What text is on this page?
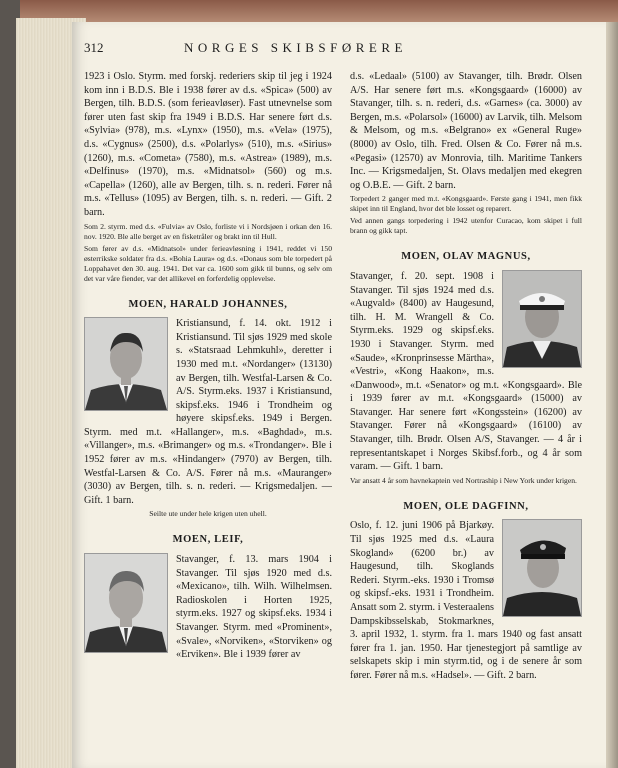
312	NORGES SKIBSFØRERE

1923 i Oslo. Styrm. med forskj. rederiers skip til jeg i 1924 kom inn i B.D.S. Ble i 1938 fører av d.s. «Spica» (500) av Bergen, tilh. B.D.S. (som ferieavløser). Fast utnevnelse som fører uten fast skip fra 1949 i B.D.S. Har senere ført d.s. «Sylvia» (978), m.s. «Lynx» (1950), m.s. «Vela» (1975), d.s. «Cygnus» (2500), d.s. «Polarlys» (510), m.s. «Sirius» (1260), m.s. «Cometa» (7580), m.s. «Astrea» (1989), m.s. «Delfinus» (1970), m.s. «Midnatsol» (560) og m.s. «Capella» (1260), alle av Bergen, tilh. s. n. rederi. Fører nå m.s. «Tellus» (1095) av Bergen, tilh. s. n. rederi. — Gift. 2 barn.

Som 2. styrm. med d.s. «Fulvia» av Oslo, forliste vi i Nordsjøen i orkan den 16. nov. 1920. Ble alle berget av en fisketråler og brakt inn til Hull.

Som fører av d.s. «Midnatsol» under ferieavløsning i 1941, reddet vi 150 østerrikske soldater fra d.s. «Bohia Laura» og d.s. «Donaus som ble torpedert på Loppahavet den 30. aug. 1941. Det var ca. 1600 som gikk til bunns, og selv om det var våre fiender, var det allikevel en forferdelig opplevelse.

MOEN, HARALD JOHANNES,

Kristiansund, f. 14. okt. 1912 i Kristiansund. Til sjøs 1929 med skole s. «Statsraad Lehmkuhl», deretter i 1930 med m.t. «Nordanger» (13130) av Bergen, tilh. Westfal-Larsen & Co. A/S. Styrm.eks. 1937 i Kristiansund, skipsf.eks. 1946 i Trondheim og høyere skipsf.eks. 1949 i Bergen. Styrm. med m.t. «Hallanger», m.s. «Baghdad», m.s. «Villanger», m.s. «Brimanger» og m.s. «Trondanger». Ble i 1952 fører av m.s. «Hindanger» (7970) av Bergen, tilh. Westfal-Larsen & Co. A/S. Fører nå m.s. «Mauranger» (3030) av Bergen, tilh. s. n. rederi. — Krigsmedaljen. — Gift. 1 barn.

Seilte ute under hele krigen uten uhell.

MOEN, LEIF,

Stavanger, f. 13. mars 1904 i Stavanger. Til sjøs 1920 med d.s. «Mexicano», tilh. Wilh. Wilhelmsen. Radioskolen i Horten 1925, styrm.eks. 1927 og skipsf.eks. 1934 i Stavanger. Styrm. med «Prominent», «Svale», «Norviken», «Storviken» og «Erviken». Ble i 1939 fører av

d.s. «Ledaal» (5100) av Stavanger, tilh. Brødr. Olsen A/S. Har senere ført m.s. «Kongsgaard» (16000) av Stavanger, tilh. s. n. rederi, d.s. «Garnes» (ca. 3000) av Bergen, m.s. «Polarsol» (16000) av Larvik, tilh. Melsom & Melsom, og m.s. «Belgrano» ex «General Ruge» (8000) av Oslo, tilh. Fred. Olsen & Co. Fører nå m.s. «Pegasi» (12570) av Monrovia, tilh. Maritime Tankers Inc. — Krigsmedaljen, St. Olavs medaljen med ekegren og O.B.E. — Gift. 2 barn.

Torpedert 2 ganger med m.t. «Kongsgaard». Første gang i 1941, men fikk skipet inn til England, hvor det ble losset og reparert.

Ved annen gangs torpedering i 1942 utenfor Curacao, kom skipet i full brann og gikk tapt.

MOEN, OLAV MAGNUS,

Stavanger, f. 20. sept. 1908 i Stavanger. Til sjøs 1924 med d.s. «Augvald» (8400) av Haugesund, tilh. H. M. Wrangell & Co. Styrm.eks. 1929 og skipsf.eks. 1930 i Stavanger. Styrm. med «Saude», «Kronprinsesse Märtha», «Vestri», «Kong Haakon», m.s. «Danwood», m.t. «Senator» og m.t. «Kongsgaard». Ble i 1939 fører av m.t. «Kongsgaard» (15000) av Stavanger. Har senere ført «Kongsstein» (16200) av Stavanger. Fører nå «Kongsgaard» (16100) av Stavanger, tilh. Brødr. Olsen A/S, Stavanger. — 4 år i representantskapet i Norges Skibsf.forb., og 4 år som varam. — Gift. 1 barn.

Var ansatt 4 år som havnekaptein ved Nortraship i New York under krigen.

MOEN, OLE DAGFINN,

Oslo, f. 12. juni 1906 på Bjarkøy. Til sjøs 1925 med d.s. «Laura Skogland» (6200 br.) av Haugesund, tilh. Skoglands Rederi. Styrm.-eks. 1930 i Tromsø og skipsf.-eks. 1931 i Trondheim. Ansatt som 2. styrm. i Vesteraalens Dampskibsselskab, Stokmarknes, 3. april 1932, 1. styrm. fra 1. mars 1940 og fast ansatt fører fra 1. jan. 1950. Har tjenestegjort på samtlige av selskapets skip i min styrm.tid, og i de senere år som fører. Fører nå m.s. «Hadsel». — Gift. 2 barn.
